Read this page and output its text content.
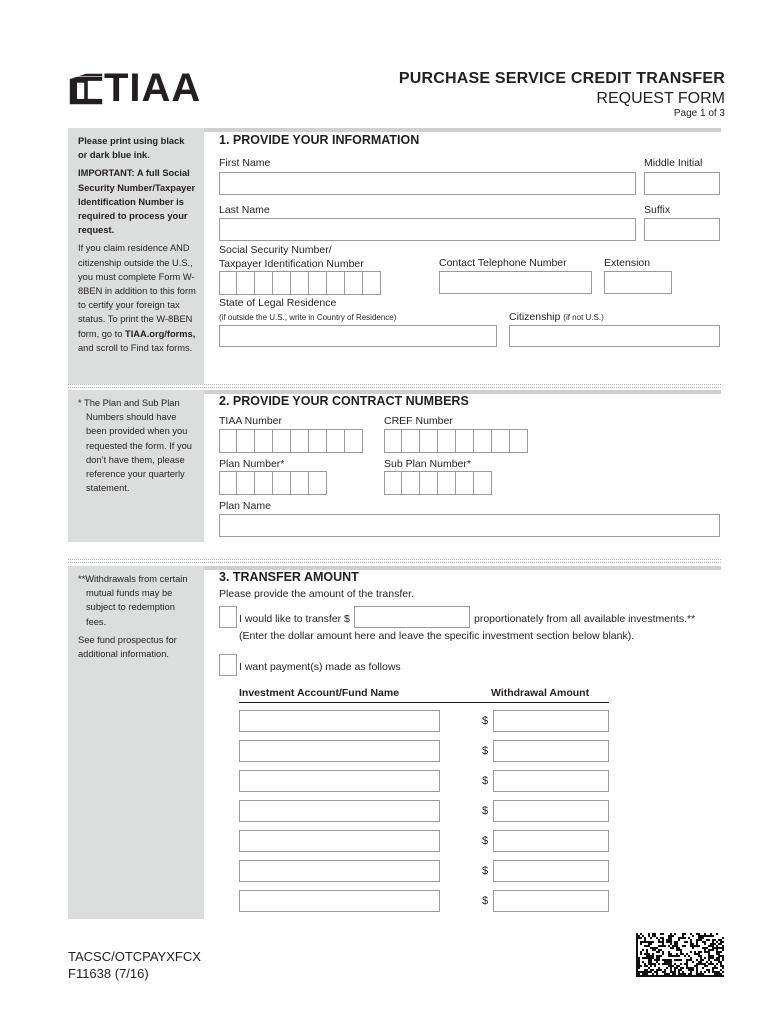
TIAA	PURCHASE SERVICE CREDIT TRANSFER
REQUEST FORM
Page 1 of 3

Please print using black or dark blue ink.

IMPORTANT: A full Social Security Number/Taxpayer Identification Number is required to process your request.

If you claim residence AND citizenship outside the U.S., you must complete Form W-8BEN in addition to this form to certify your foreign tax status. To print the W-8BEN form, go to TIAA.org/forms, and scroll to Find tax forms.

* The Plan and Sub Plan Numbers should have been provided when you requested the form. If you don’t have them, please reference your quarterly statement.

**Withdrawals from certain mutual funds may be subject to redemption fees.

See fund prospectus for additional information.

1. PROVIDE YOUR INFORMATION
First Name	Middle Initial
Last Name	Suffix
Social Security Number/
Taxpayer Identification Number	Contact Telephone Number	Extension
State of Legal Residence
(if outside the U.S., write in Country of Residence)	Citizenship (if not U.S.)
2. PROVIDE YOUR CONTRACT NUMBERS
TIAA Number	CREF Number
Plan Number*	Sub Plan Number*
Plan Name
3. TRANSFER AMOUNT
Please provide the amount of the transfer.
I would like to transfer $	proportionately from all available investments.**
(Enter the dollar amount here and leave the specific investment section below blank).
I want payment(s) made as follows
Investment Account/Fund Name	Withdrawal Amount
$
$
$
$
$
$
$
TACSC/OTCPAYXFCX
F11638 (7/16)
